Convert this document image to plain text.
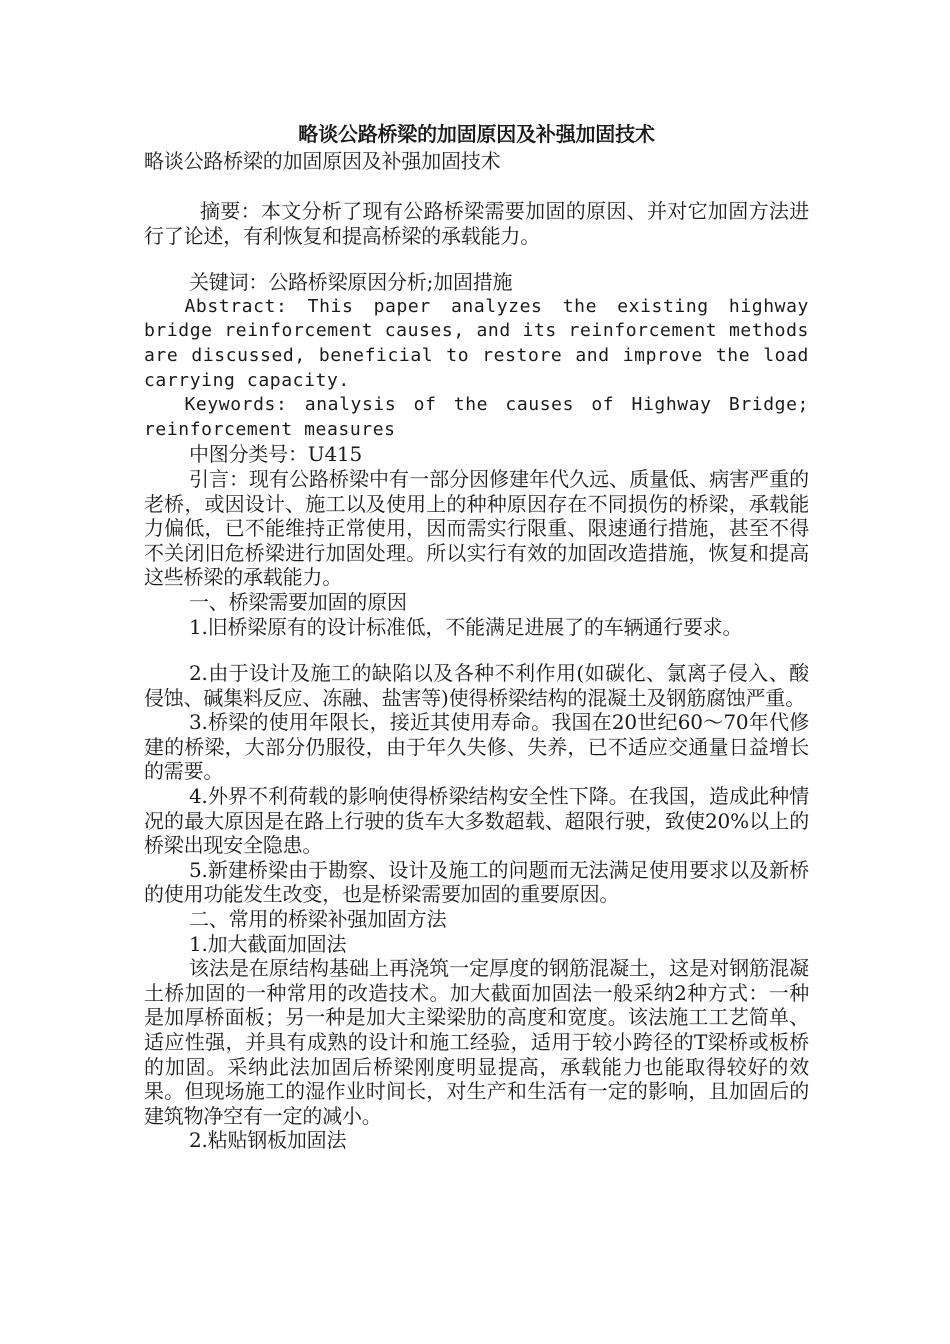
略谈公路桥梁的加固原因及补强加固技术

略谈公路桥梁的加固原因及补强加固技术

摘要：本文分析了现有公路桥梁需要加固的原因、并对它加固方法进行了论述，有利恢复和提高桥梁的承载能力。

关键词：公路桥梁原因分析;加固措施

Abstract: This paper analyzes the existing highway bridge reinforcement causes, and its reinforcement methods are discussed, beneficial to restore and improve the load carrying capacity.

Keywords: analysis of the causes of Highway Bridge; reinforcement measures

中图分类号：U415

引言：现有公路桥梁中有一部分因修建年代久远、质量低、病害严重的老桥，或因设计、施工以及使用上的种种原因存在不同损伤的桥梁，承载能力偏低，已不能维持正常使用，因而需实行限重、限速通行措施，甚至不得不关闭旧危桥梁进行加固处理。所以实行有效的加固改造措施，恢复和提高这些桥梁的承载能力。

一、桥梁需要加固的原因

1.旧桥梁原有的设计标准低，不能满足进展了的车辆通行要求。

2.由于设计及施工的缺陷以及各种不利作用(如碳化、氯离子侵入、酸侵蚀、碱集料反应、冻融、盐害等)使得桥梁结构的混凝土及钢筋腐蚀严重。

3.桥梁的使用年限长，接近其使用寿命。我国在20世纪60～70年代修建的桥梁，大部分仍服役，由于年久失修、失养，已不适应交通量日益增长的需要。

4.外界不利荷载的影响使得桥梁结构安全性下降。在我国，造成此种情况的最大原因是在路上行驶的货车大多数超载、超限行驶，致使20%以上的桥梁出现安全隐患。

5.新建桥梁由于勘察、设计及施工的问题而无法满足使用要求以及新桥的使用功能发生改变，也是桥梁需要加固的重要原因。

二、常用的桥梁补强加固方法

1.加大截面加固法

该法是在原结构基础上再浇筑一定厚度的钢筋混凝土，这是对钢筋混凝土桥加固的一种常用的改造技术。加大截面加固法一般采纳2种方式：一种是加厚桥面板；另一种是加大主梁梁肋的高度和宽度。该法施工工艺简单、适应性强，并具有成熟的设计和施工经验，适用于较小跨径的T梁桥或板桥的加固。采纳此法加固后桥梁刚度明显提高，承载能力也能取得较好的效果。但现场施工的湿作业时间长，对生产和生活有一定的影响，且加固后的建筑物净空有一定的减小。

2.粘贴钢板加固法
